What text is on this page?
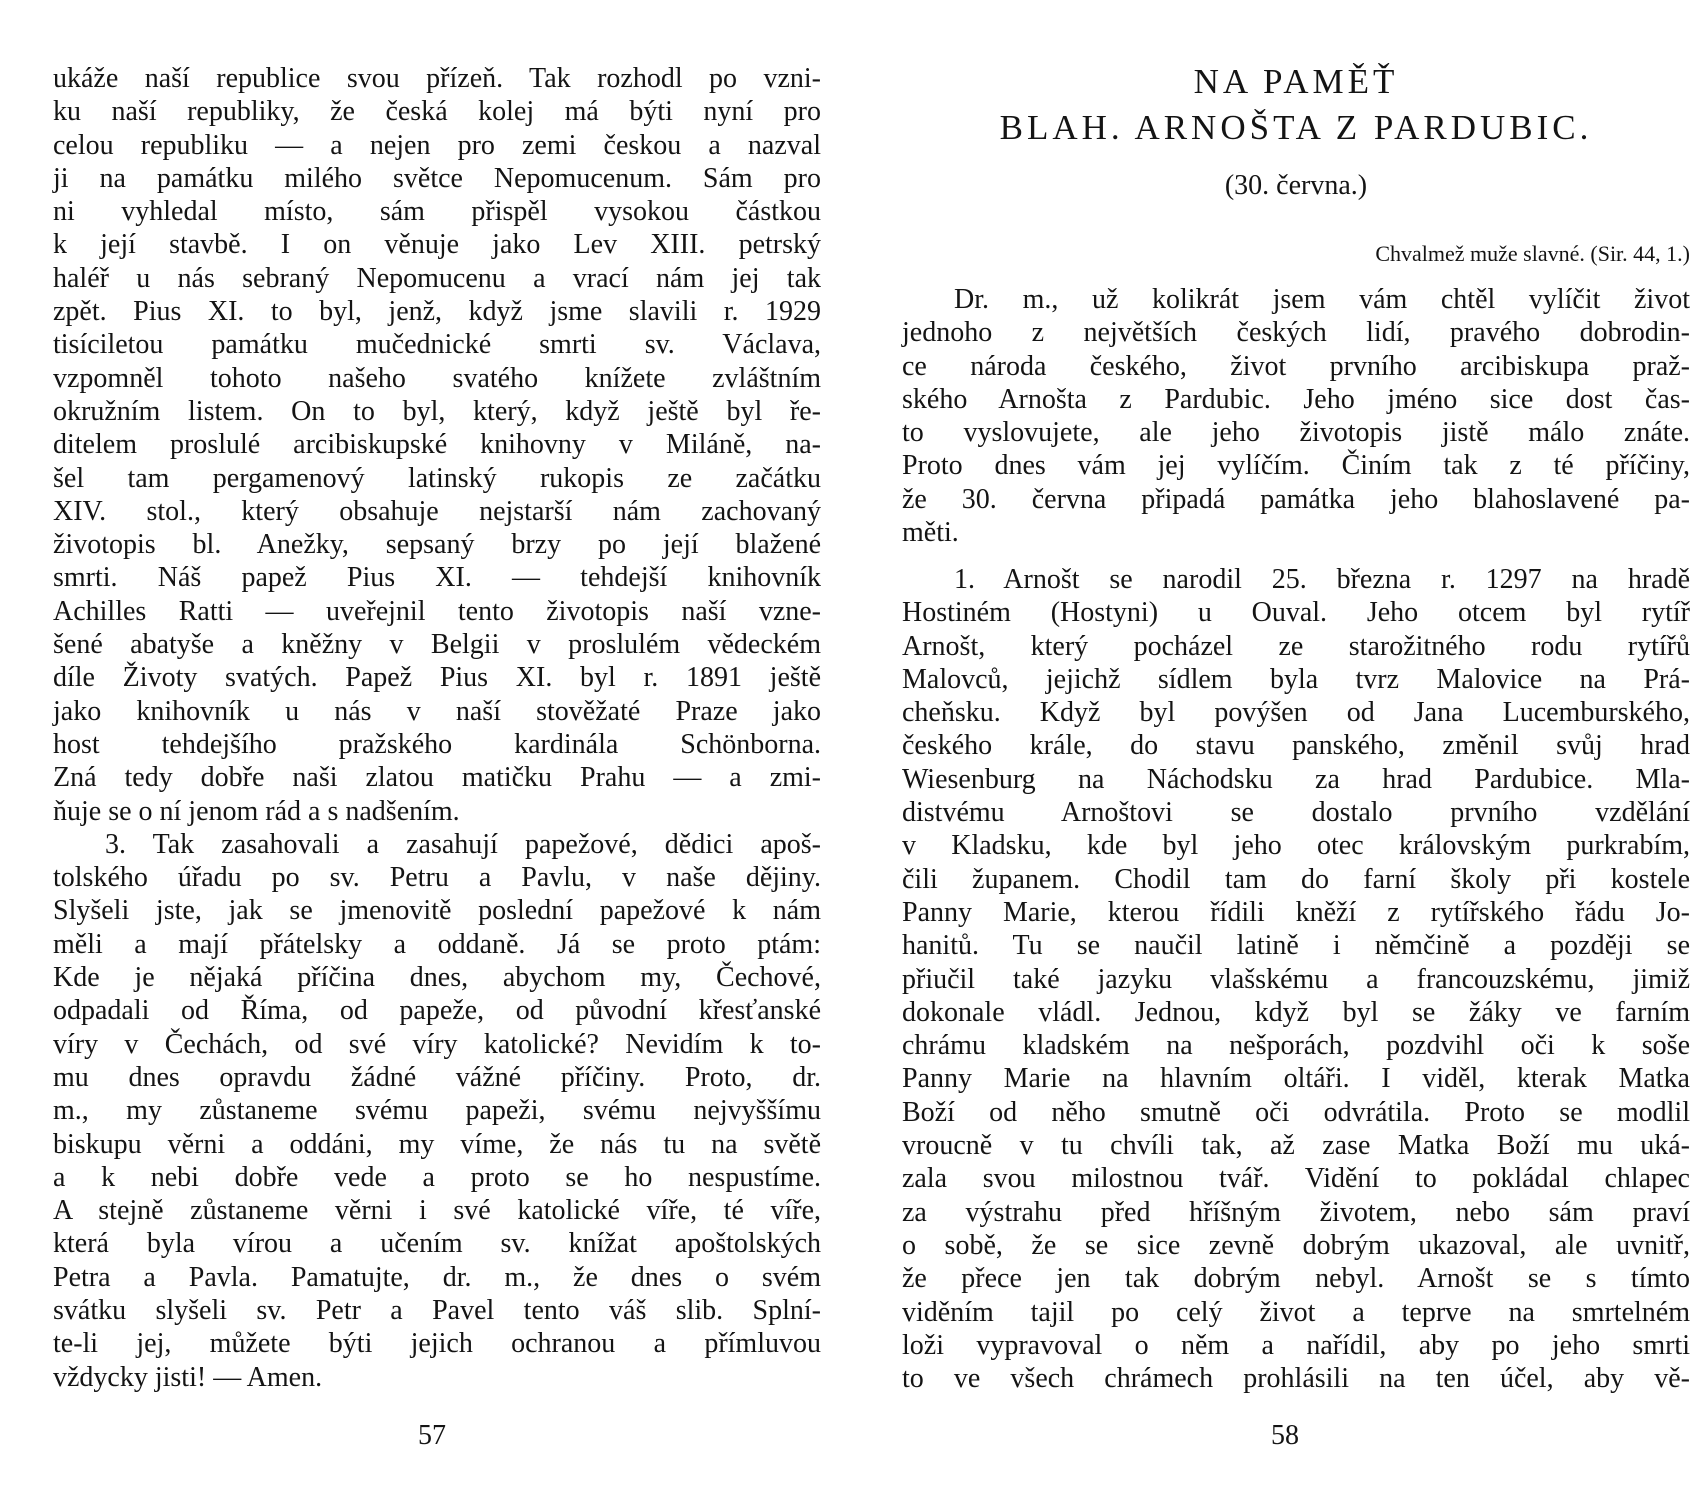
ukáže naší republice svou přízeň. Tak rozhodl po vzni-
ku naší republiky, že česká kolej má býti nyní pro
celou republiku — a nejen pro zemi českou a nazval
ji na památku milého světce Nepomucenum. Sám pro
ni vyhledal místo, sám přispěl vysokou částkou
k její stavbě. I on věnuje jako Lev XIII. petrský
haléř u nás sebraný Nepomucenu a vrací nám jej tak
zpět. Pius XI. to byl, jenž, když jsme slavili r. 1929
tisíciletou památku mučednické smrti sv. Václava,
vzpomněl tohoto našeho svatého knížete zvláštním
okružním listem. On to byl, který, když ještě byl ře-
ditelem proslulé arcibiskupské knihovny v Miláně, na-
šel tam pergamenový latinský rukopis ze začátku
XIV. stol., který obsahuje nejstarší nám zachovaný
životopis bl. Anežky, sepsaný brzy po její blažené
smrti. Náš papež Pius XI. — tehdejší knihovník
Achilles Ratti — uveřejnil tento životopis naší vzne-
šené abatyše a kněžny v Belgii v proslulém vědeckém
díle Životy svatých. Papež Pius XI. byl r. 1891 ještě
jako knihovník u nás v naší stověžaté Praze jako
host tehdejšího pražského kardinála Schönborna.
Zná tedy dobře naši zlatou matičku Prahu — a zmi-
ňuje se o ní jenom rád a s nadšením.
3. Tak zasahovali a zasahují papežové, dědici apoš-
tolského úřadu po sv. Petru a Pavlu, v naše dějiny.
Slyšeli jste, jak se jmenovitě poslední papežové k nám
měli a mají přátelsky a oddaně. Já se proto ptám:
Kde je nějaká příčina dnes, abychom my, Čechové,
odpadali od Říma, od papeže, od původní křesťanské
víry v Čechách, od své víry katolické? Nevidím k to-
mu dnes opravdu žádné vážné příčiny. Proto, dr.
m., my zůstaneme svému papeži, svému nejvyššímu
biskupu věrni a oddáni, my víme, že nás tu na světě
a k nebi dobře vede a proto se ho nespustíme.
A stejně zůstaneme věrni i své katolické víře, té víře,
která byla vírou a učením sv. knížat apoštolských
Petra a Pavla. Pamatujte, dr. m., že dnes o svém
svátku slyšeli sv. Petr a Pavel tento váš slib. Splní-
te-li jej, můžete býti jejich ochranou a přímluvou
vždycky jisti! — Amen.
57
NA PAMĚŤ
BLAH. ARNOŠTA Z PARDUBIC.
(30. června.)
Chvalmež muže slavné. (Sir. 44, 1.)
Dr. m., už kolikrát jsem vám chtěl vylíčit život
jednoho z největších českých lidí, pravého dobrodin-
ce národa českého, život prvního arcibiskupa praž-
ského Arnošta z Pardubic. Jeho jméno sice dost čas-
to vyslovujete, ale jeho životopis jistě málo znáte.
Proto dnes vám jej vylíčím. Činím tak z té příčiny,
že 30. června připadá památka jeho blahoslavené pa-
měti.
1. Arnošt se narodil 25. března r. 1297 na hradě
Hostiném (Hostyni) u Ouval. Jeho otcem byl rytíř
Arnošt, který pocházel ze starožitného rodu rytířů
Malovců, jejichž sídlem byla tvrz Malovice na Prá-
cheňsku. Když byl povýšen od Jana Lucemburského,
českého krále, do stavu panského, změnil svůj hrad
Wiesenburg na Náchodsku za hrad Pardubice. Mla-
distvému Arnoštovi se dostalo prvního vzdělání
v Kladsku, kde byl jeho otec královským purkrabím,
čili županem. Chodil tam do farní školy při kostele
Panny Marie, kterou řídili kněží z rytířského řádu Jo-
hanitů. Tu se naučil latině i němčině a později se
přiučil také jazyku vlašskému a francouzskému, jimiž
dokonale vládl. Jednou, když byl se žáky ve farním
chrámu kladském na nešporách, pozdvihl oči k soše
Panny Marie na hlavním oltáři. I viděl, kterak Matka
Boží od něho smutně oči odvrátila. Proto se modlil
vroucně v tu chvíli tak, až zase Matka Boží mu uká-
zala svou milostnou tvář. Vidění to pokládal chlapec
za výstrahu před hříšným životem, nebo sám praví
o sobě, že se sice zevně dobrým ukazoval, ale uvnitř,
že přece jen tak dobrým nebyl. Arnošt se s tímto
viděním tajil po celý život a teprve na smrtelném
loži vypravoval o něm a nařídil, aby po jeho smrti
to ve všech chrámech prohlásili na ten účel, aby vě-
58
